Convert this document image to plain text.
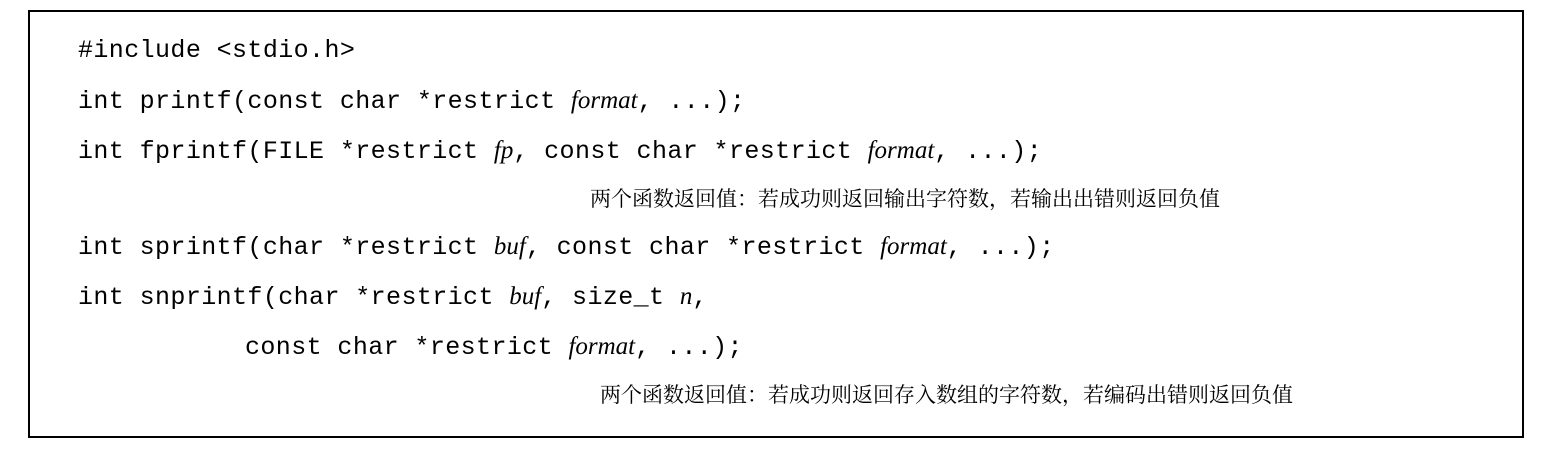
#include <stdio.h>
int printf(const char *restrict format, ...);
int fprintf(FILE *restrict fp, const char *restrict format, ...);
两个函数返回值：若成功则返回输出字符数，若输出出错则返回负值
int sprintf(char *restrict buf, const char *restrict format, ...);
int snprintf(char *restrict buf, size_t n,
const char *restrict format, ...);
两个函数返回值：若成功则返回存入数组的字符数，若编码出错则返回负值
